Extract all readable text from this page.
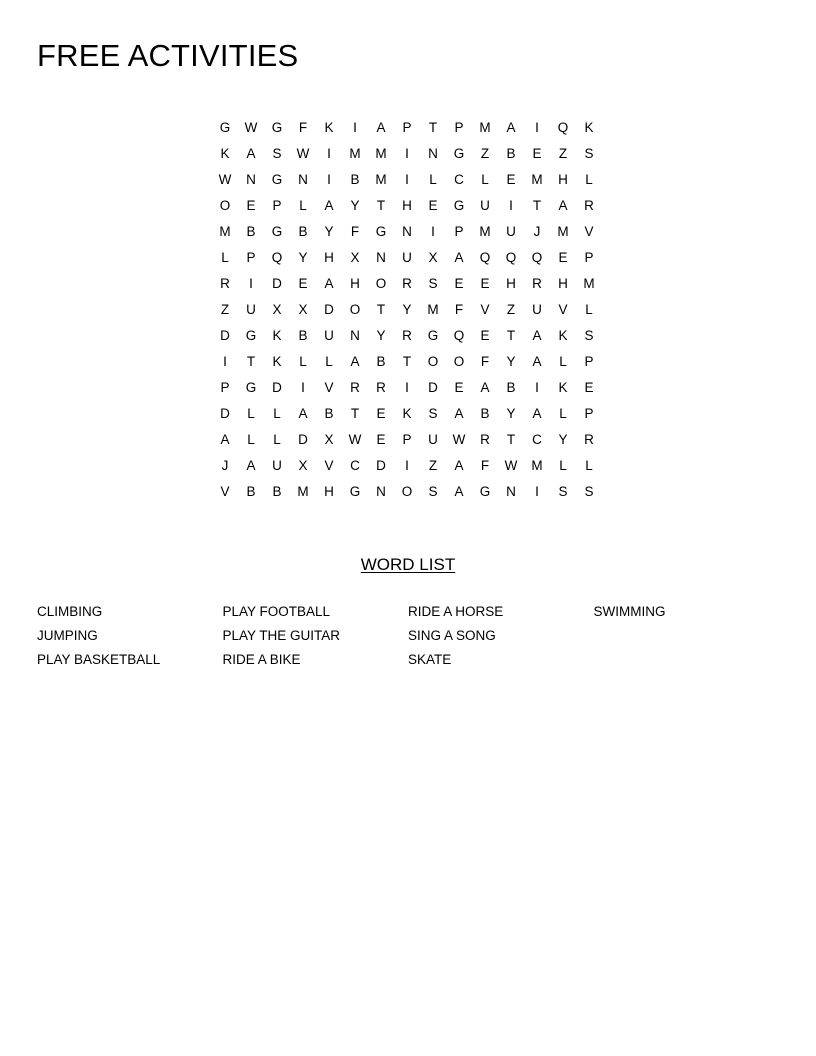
FREE ACTIVITIES
G	W	G	F	K	I	A	P	T	P	M	A	I	Q	K
K	A	S	W	I	M	M	I	N	G	Z	B	E	Z	S
W	N	G	N	I	B	M	I	L	C	L	E	M	H	L
O	E	P	L	A	Y	T	H	E	G	U	I	T	A	R
M	B	G	B	Y	F	G	N	I	P	M	U	J	M	V
L	P	Q	Y	H	X	N	U	X	A	Q	Q	Q	E	P
R	I	D	E	A	H	O	R	S	E	E	H	R	H	M
Z	U	X	X	D	O	T	Y	M	F	V	Z	U	V	L
D	G	K	B	U	N	Y	R	G	Q	E	T	A	K	S
I	T	K	L	L	A	B	T	O	O	F	Y	A	L	P
P	G	D	I	V	R	R	I	D	E	A	B	I	K	E
D	L	L	A	B	T	E	K	S	A	B	Y	A	L	P
A	L	L	D	X	W	E	P	U	W	R	T	C	Y	R
J	A	U	X	V	C	D	I	Z	A	F	W	M	L	L
V	B	B	M	H	G	N	O	S	A	G	N	I	S	S
WORD LIST
CLIMBING	PLAY FOOTBALL	RIDE A HORSE	SWIMMING
JUMPING	PLAY THE GUITAR	SING A SONG
PLAY BASKETBALL	RIDE A BIKE	SKATE
